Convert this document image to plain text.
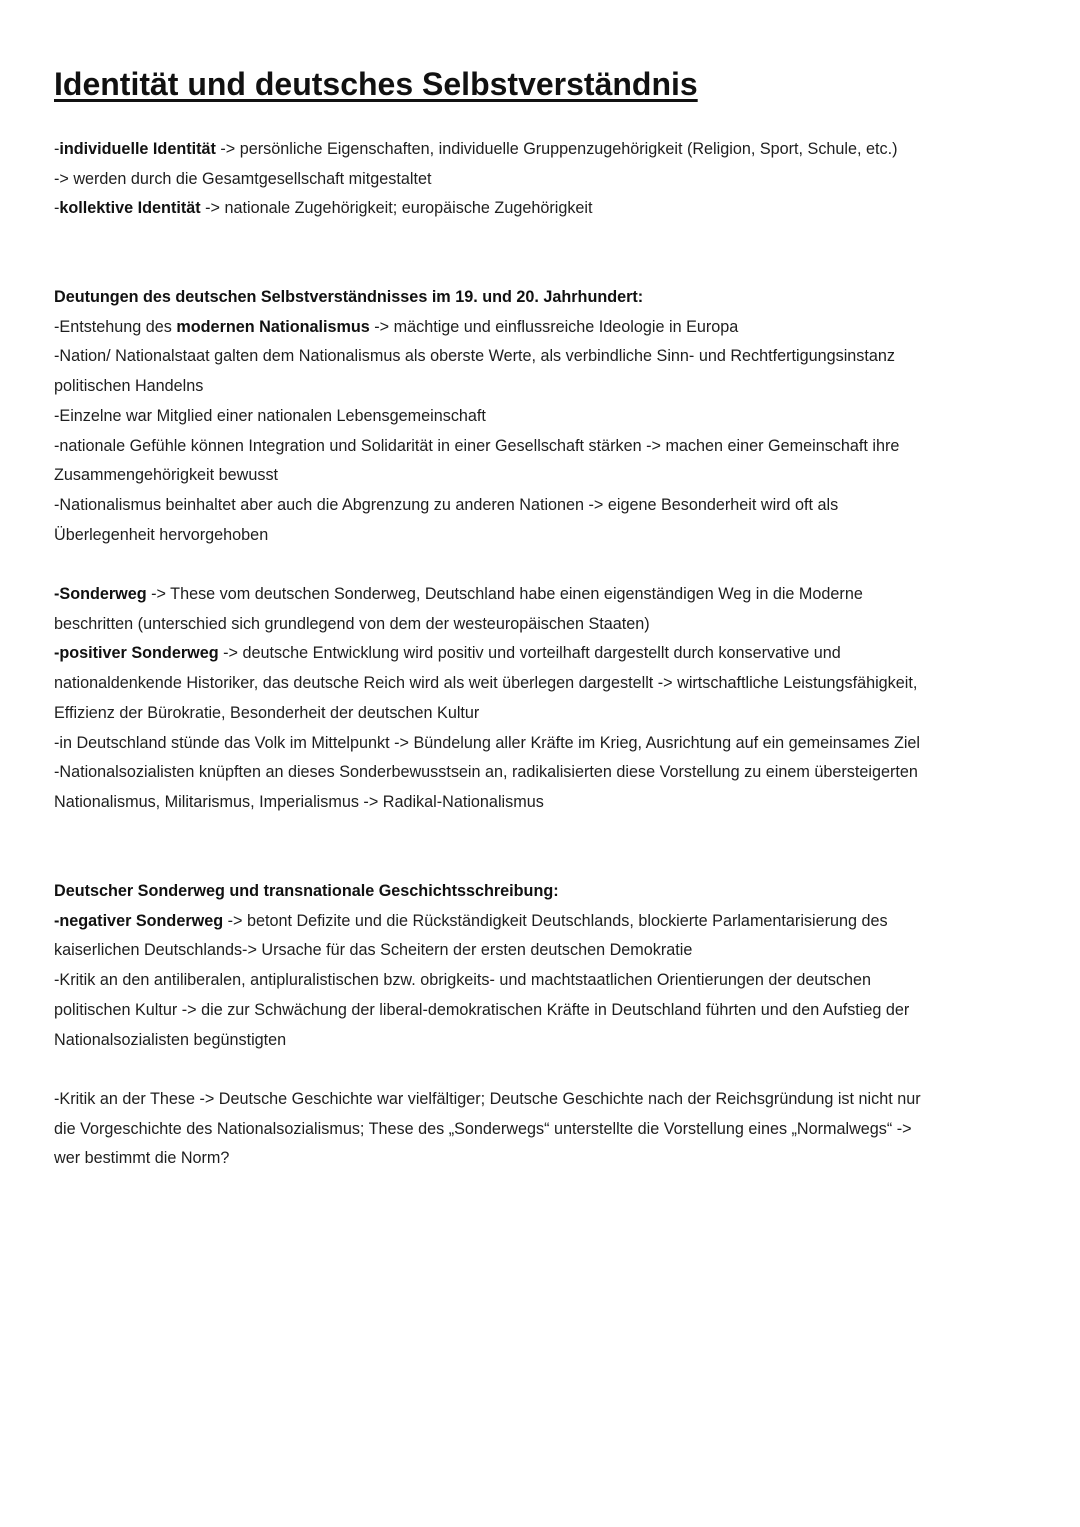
Identität und deutsches Selbstverständnis
-individuelle Identität -> persönliche Eigenschaften, individuelle Gruppenzugehörigkeit (Religion, Sport, Schule, etc.)
-> werden durch die Gesamtgesellschaft mitgestaltet
-kollektive Identität -> nationale Zugehörigkeit; europäische Zugehörigkeit
Deutungen des deutschen Selbstverständnisses im 19. und 20. Jahrhundert:
-Entstehung des modernen Nationalismus -> mächtige und einflussreiche Ideologie in Europa
-Nation/ Nationalstaat galten dem Nationalismus als oberste Werte, als verbindliche Sinn- und Rechtfertigungsinstanz
politischen Handelns
-Einzelne war Mitglied einer nationalen Lebensgemeinschaft
-nationale Gefühle können Integration und Solidarität in einer Gesellschaft stärken -> machen einer Gemeinschaft ihre
Zusammengehörigkeit bewusst
-Nationalismus beinhaltet aber auch die Abgrenzung zu anderen Nationen -> eigene Besonderheit wird oft als
Überlegenheit hervorgehoben
-Sonderweg -> These vom deutschen Sonderweg, Deutschland habe einen eigenständigen Weg in die Moderne
beschritten (unterschied sich grundlegend von dem der westeuropäischen Staaten)
-positiver Sonderweg -> deutsche Entwicklung wird positiv und vorteilhaft dargestellt durch konservative und
nationaldenkende Historiker, das deutsche Reich wird als weit überlegen dargestellt -> wirtschaftliche Leistungsfähigkeit,
Effizienz der Bürokratie, Besonderheit der deutschen Kultur
-in Deutschland stünde das Volk im Mittelpunkt -> Bündelung aller Kräfte im Krieg, Ausrichtung auf ein gemeinsames Ziel
-Nationalsozialisten knüpften an dieses Sonderbewusstsein an, radikalisierten diese Vorstellung zu einem übersteigerten
Nationalismus, Militarismus, Imperialismus -> Radikal-Nationalismus
Deutscher Sonderweg und transnationale Geschichtsschreibung:
-negativer Sonderweg -> betont Defizite und die Rückständigkeit Deutschlands, blockierte Parlamentarisierung des
kaiserlichen Deutschlands-> Ursache für das Scheitern der ersten deutschen Demokratie
-Kritik an den antiliberalen, antipluralistischen bzw. obrigkeits- und machtstaatlichen Orientierungen der deutschen
politischen Kultur -> die zur Schwächung der liberal-demokratischen Kräfte in Deutschland führten und den Aufstieg der
Nationalsozialisten begünstigten
-Kritik an der These -> Deutsche Geschichte war vielfältiger; Deutsche Geschichte nach der Reichsgründung ist nicht nur
die Vorgeschichte des Nationalsozialismus; These des „Sonderwegs“ unterstellte die Vorstellung eines „Normalwegs“ ->
wer bestimmt die Norm?
